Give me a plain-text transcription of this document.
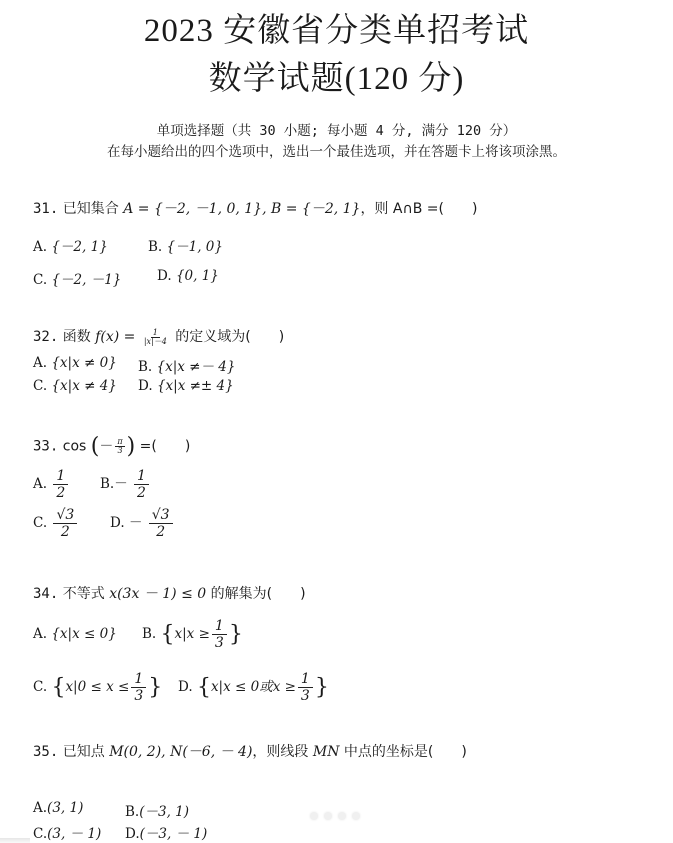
2023 安徽省分类单招考试
数学试题(120 分)
单项选择题（共 30 小题; 每小题 4 分, 满分 120 分）
在每小题给出的四个选项中，选出一个最佳选项，并在答题卡上将该项涂黑。
31. 已知集合 A = {－2, －1, 0, 1}, B = {－2, 1}，则 A∩B =(　　)
A. {－2, 1}	B. {－1, 0}
C. {－2, －1}	D. {0, 1}
32. 函数 $f(x) = \frac{1}{|x|-4}$ 的定义域为(　　)
A. {x|x ≠ 0} B. {x|x ≠－ 4}
C. {x|x ≠ 4} D. {x|x ≠± 4}
33. cos (－ $\frac{\pi}{3}$ ) =(　　)
A. $\frac{1}{2} B.- \frac{1}{2}$
C. $\frac{√3}{2} D$. － $\frac{√3}{2}$
34. 不等式 x(3x － 1) ≤ 0 的解集为(　　)
A. {x|x ≤ 0} B. {$x|x \ge \frac{1}{3}$ }
C. {$x|0 \le x \le \frac{1}{3}$ } D. {x|x ≤ 0或$x \ge \frac{1}{3}$ }
35. 已知点 M(0, 2), N(－6, － 4)，则线段 MN 中点的坐标是(　　)
A.(3, 1)	B.(－3, 1)
C.(3, － 1) D.(－3, － 1)
